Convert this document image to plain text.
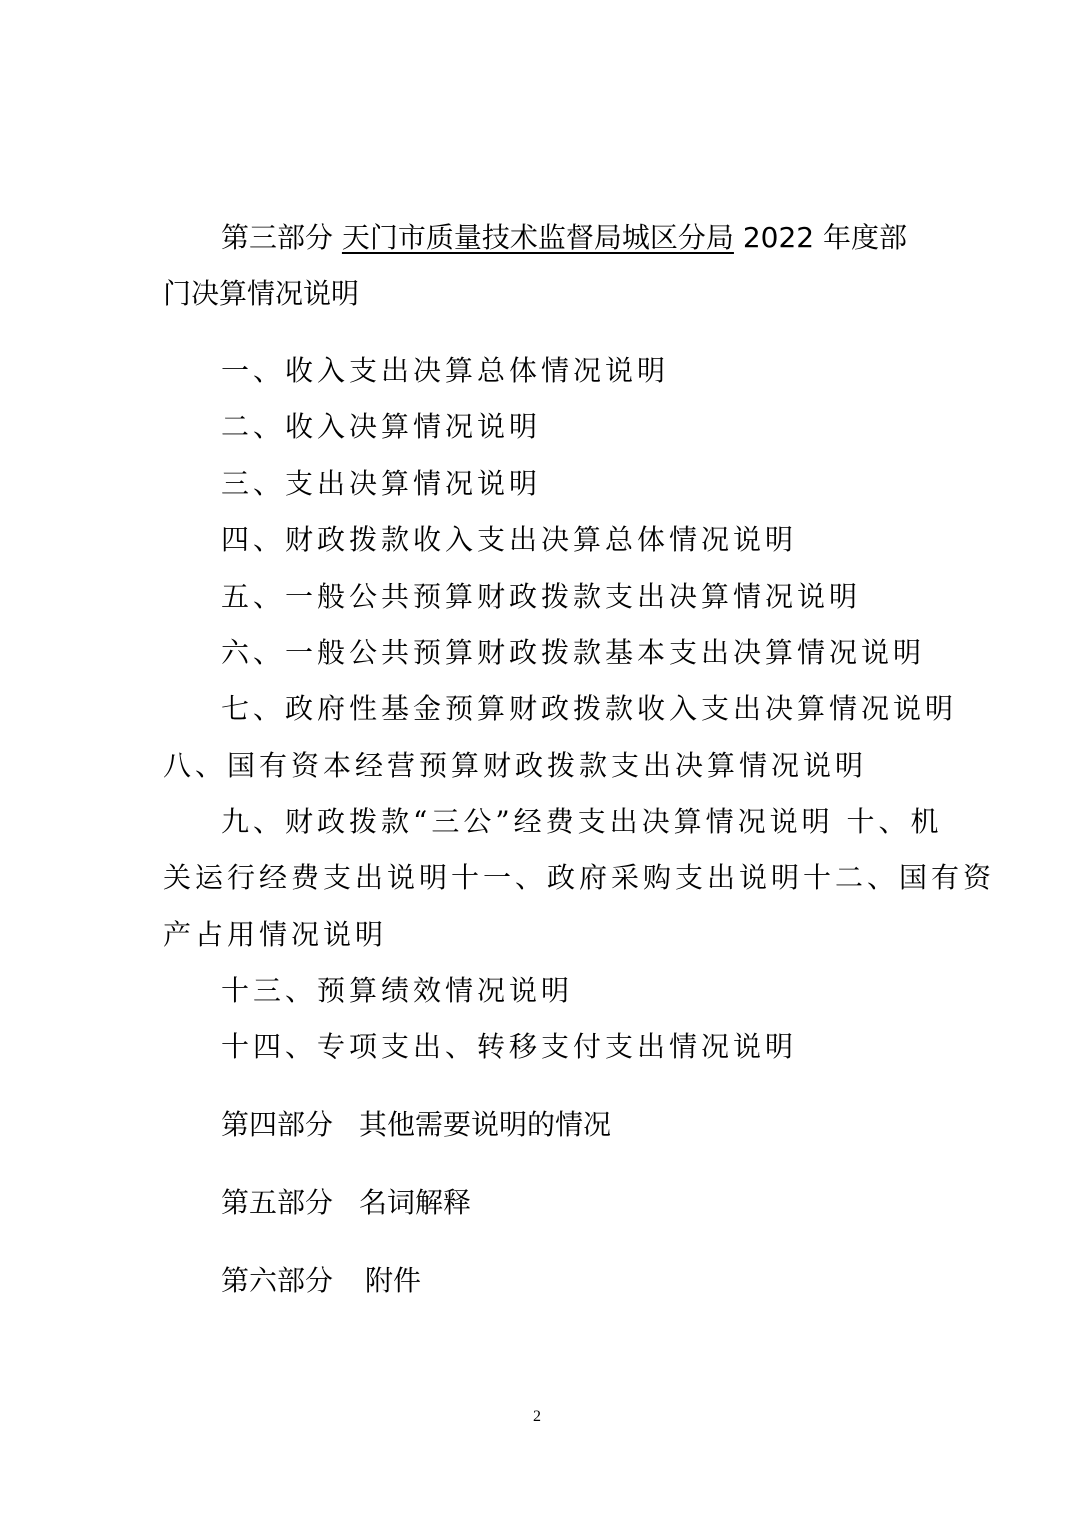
第三部分 天门市质量技术监督局城区分局 2022 年度部
门决算情况说明
一、收入支出决算总体情况说明
二、收入决算情况说明
三、支出决算情况说明
四、财政拨款收入支出决算总体情况说明
五、一般公共预算财政拨款支出决算情况说明
六、一般公共预算财政拨款基本支出决算情况说明
七、政府性基金预算财政拨款收入支出决算情况说明
八、国有资本经营预算财政拨款支出决算情况说明
九、财政拨款“三公”经费支出决算情况说明 十、机
关运行经费支出说明十一、政府采购支出说明十二、国有资
产占用情况说明
十三、预算绩效情况说明
十四、专项支出、转移支付支出情况说明
第四部分 其他需要说明的情况
第五部分 名词解释
第六部分 附件
2
